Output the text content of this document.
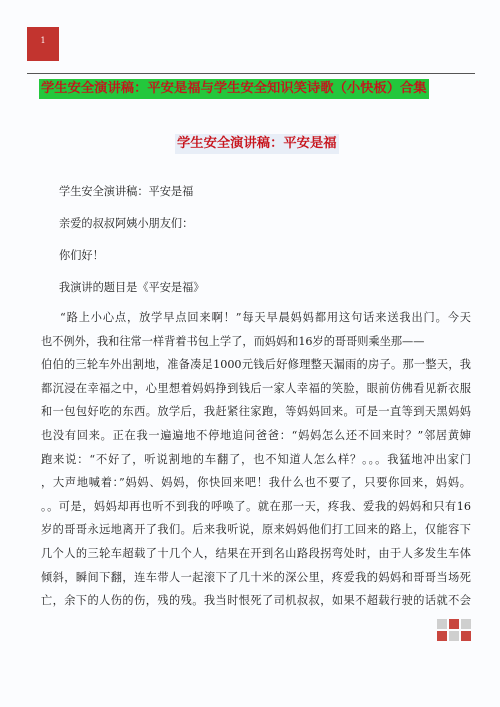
1
学生安全演讲稿：平安是福与学生安全知识笑诗歌（小快板）合集
学生安全演讲稿：平安是福
学生安全演讲稿：平安是福
亲爱的叔叔阿姨小朋友们：
你们好！
我演讲的题目是《平安是福》
“路上小心点，放学早点回来啊！”每天早晨妈妈都用这句话来送我出门。今天
也不例外，我和往常一样背着书包上学了，而妈妈和16岁的哥哥则乘坐那——
伯伯的三轮车外出割地，准备凑足1000元钱后好修理整天漏雨的房子。那一整天，我
都沉浸在幸福之中，心里想着妈妈挣到钱后一家人幸福的笑脸，眼前仿佛看见新衣服
和一包包好吃的东西。放学后，我赶紧往家跑，等妈妈回来。可是一直等到天黑妈妈
也没有回来。正在我一遍遍地不停地追问爸爸：“妈妈怎么还不回来时？”邻居黄婶
跑来说：“不好了，听说割地的车翻了，也不知道人怎么样？。。。我猛地冲出家门
，大声地喊着：”妈妈、妈妈，你快回来吧！我什么也不要了，只要你回来，妈妈。
。。可是，妈妈却再也听不到我的呼唤了。就在那一天，疼我、爱我的妈妈和只有16
岁的哥哥永远地离开了我们。后来我听说，原来妈妈他们打工回来的路上，仅能容下
几个人的三轮车超载了十几个人，结果在开到名山路段拐弯处时，由于人多发生车体
倾斜，瞬间下翻，连车带人一起滚下了几十米的深公里，疼爱我的妈妈和哥哥当场死
亡，余下的人伤的伤，残的残。我当时恨死了司机叔叔，如果不超载行驶的话就不会
